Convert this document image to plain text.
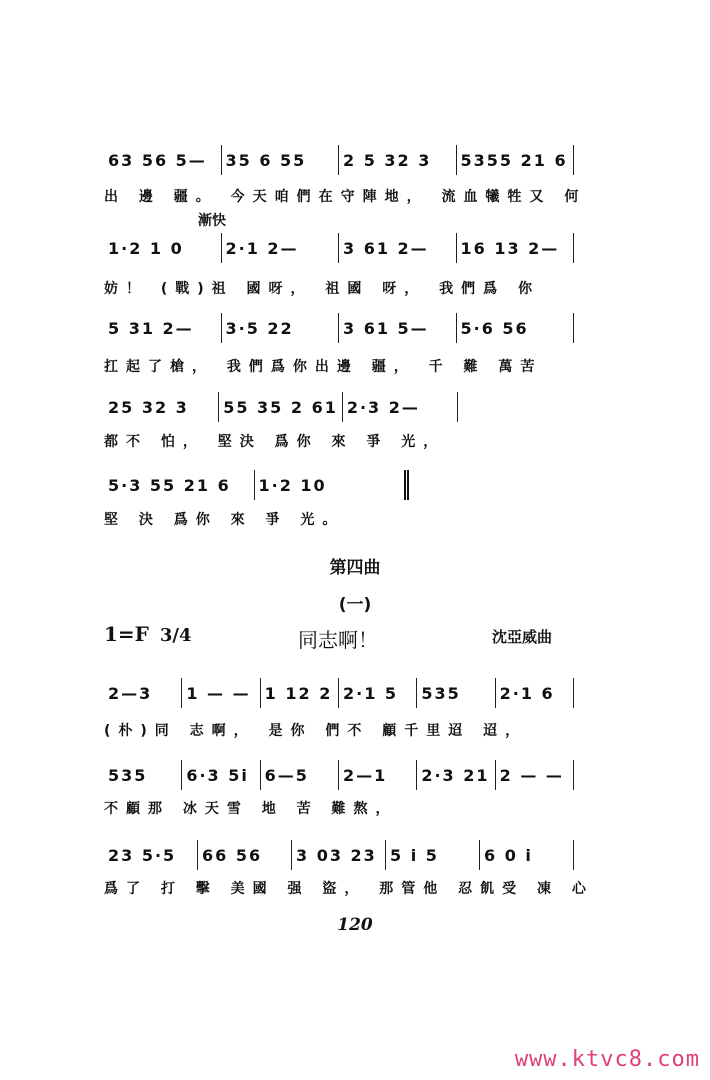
63 56 5—	35 6 55	2 5 32 3	5355 21 6
出 邊 疆。 今天咱們在守陣地， 流血犧牲又 何
1·2 1 0	2·1 2—	3 61 2—	16 13 2—
妨！ (戰)祖 國呀， 祖國 呀， 我們爲 你
5 31 2—	3·5 22	3 61 5—	5·6 56
扛起了槍， 我們爲你出邊 疆， 千 難 萬苦
25 32 3	55 35 2 61 2·3 2—
都不 怕， 堅決 爲你 來 爭 光，
5·3 55 21 6	1·2 10
堅 決 爲你 來 爭 光。
漸快
第四曲
(一)
1=F 3/4	同志啊！	沈亞威曲
2—3	1 — — 1 12 2 2·1 5	535	2·1 6
(朴)同 志啊， 是你 們不 顧千里迢 迢，
535	6·3 5i 6—5	2—1	2·3 21 2 — —
不顧那 冰天雪 地 苦 難熬，
23 5·5	66 56	3 03 23 5 i 5	6 0 i
爲了 打 擊 美國 强 盜， 那管他 忍飢受 凍 心
120
www.ktvc8.com
